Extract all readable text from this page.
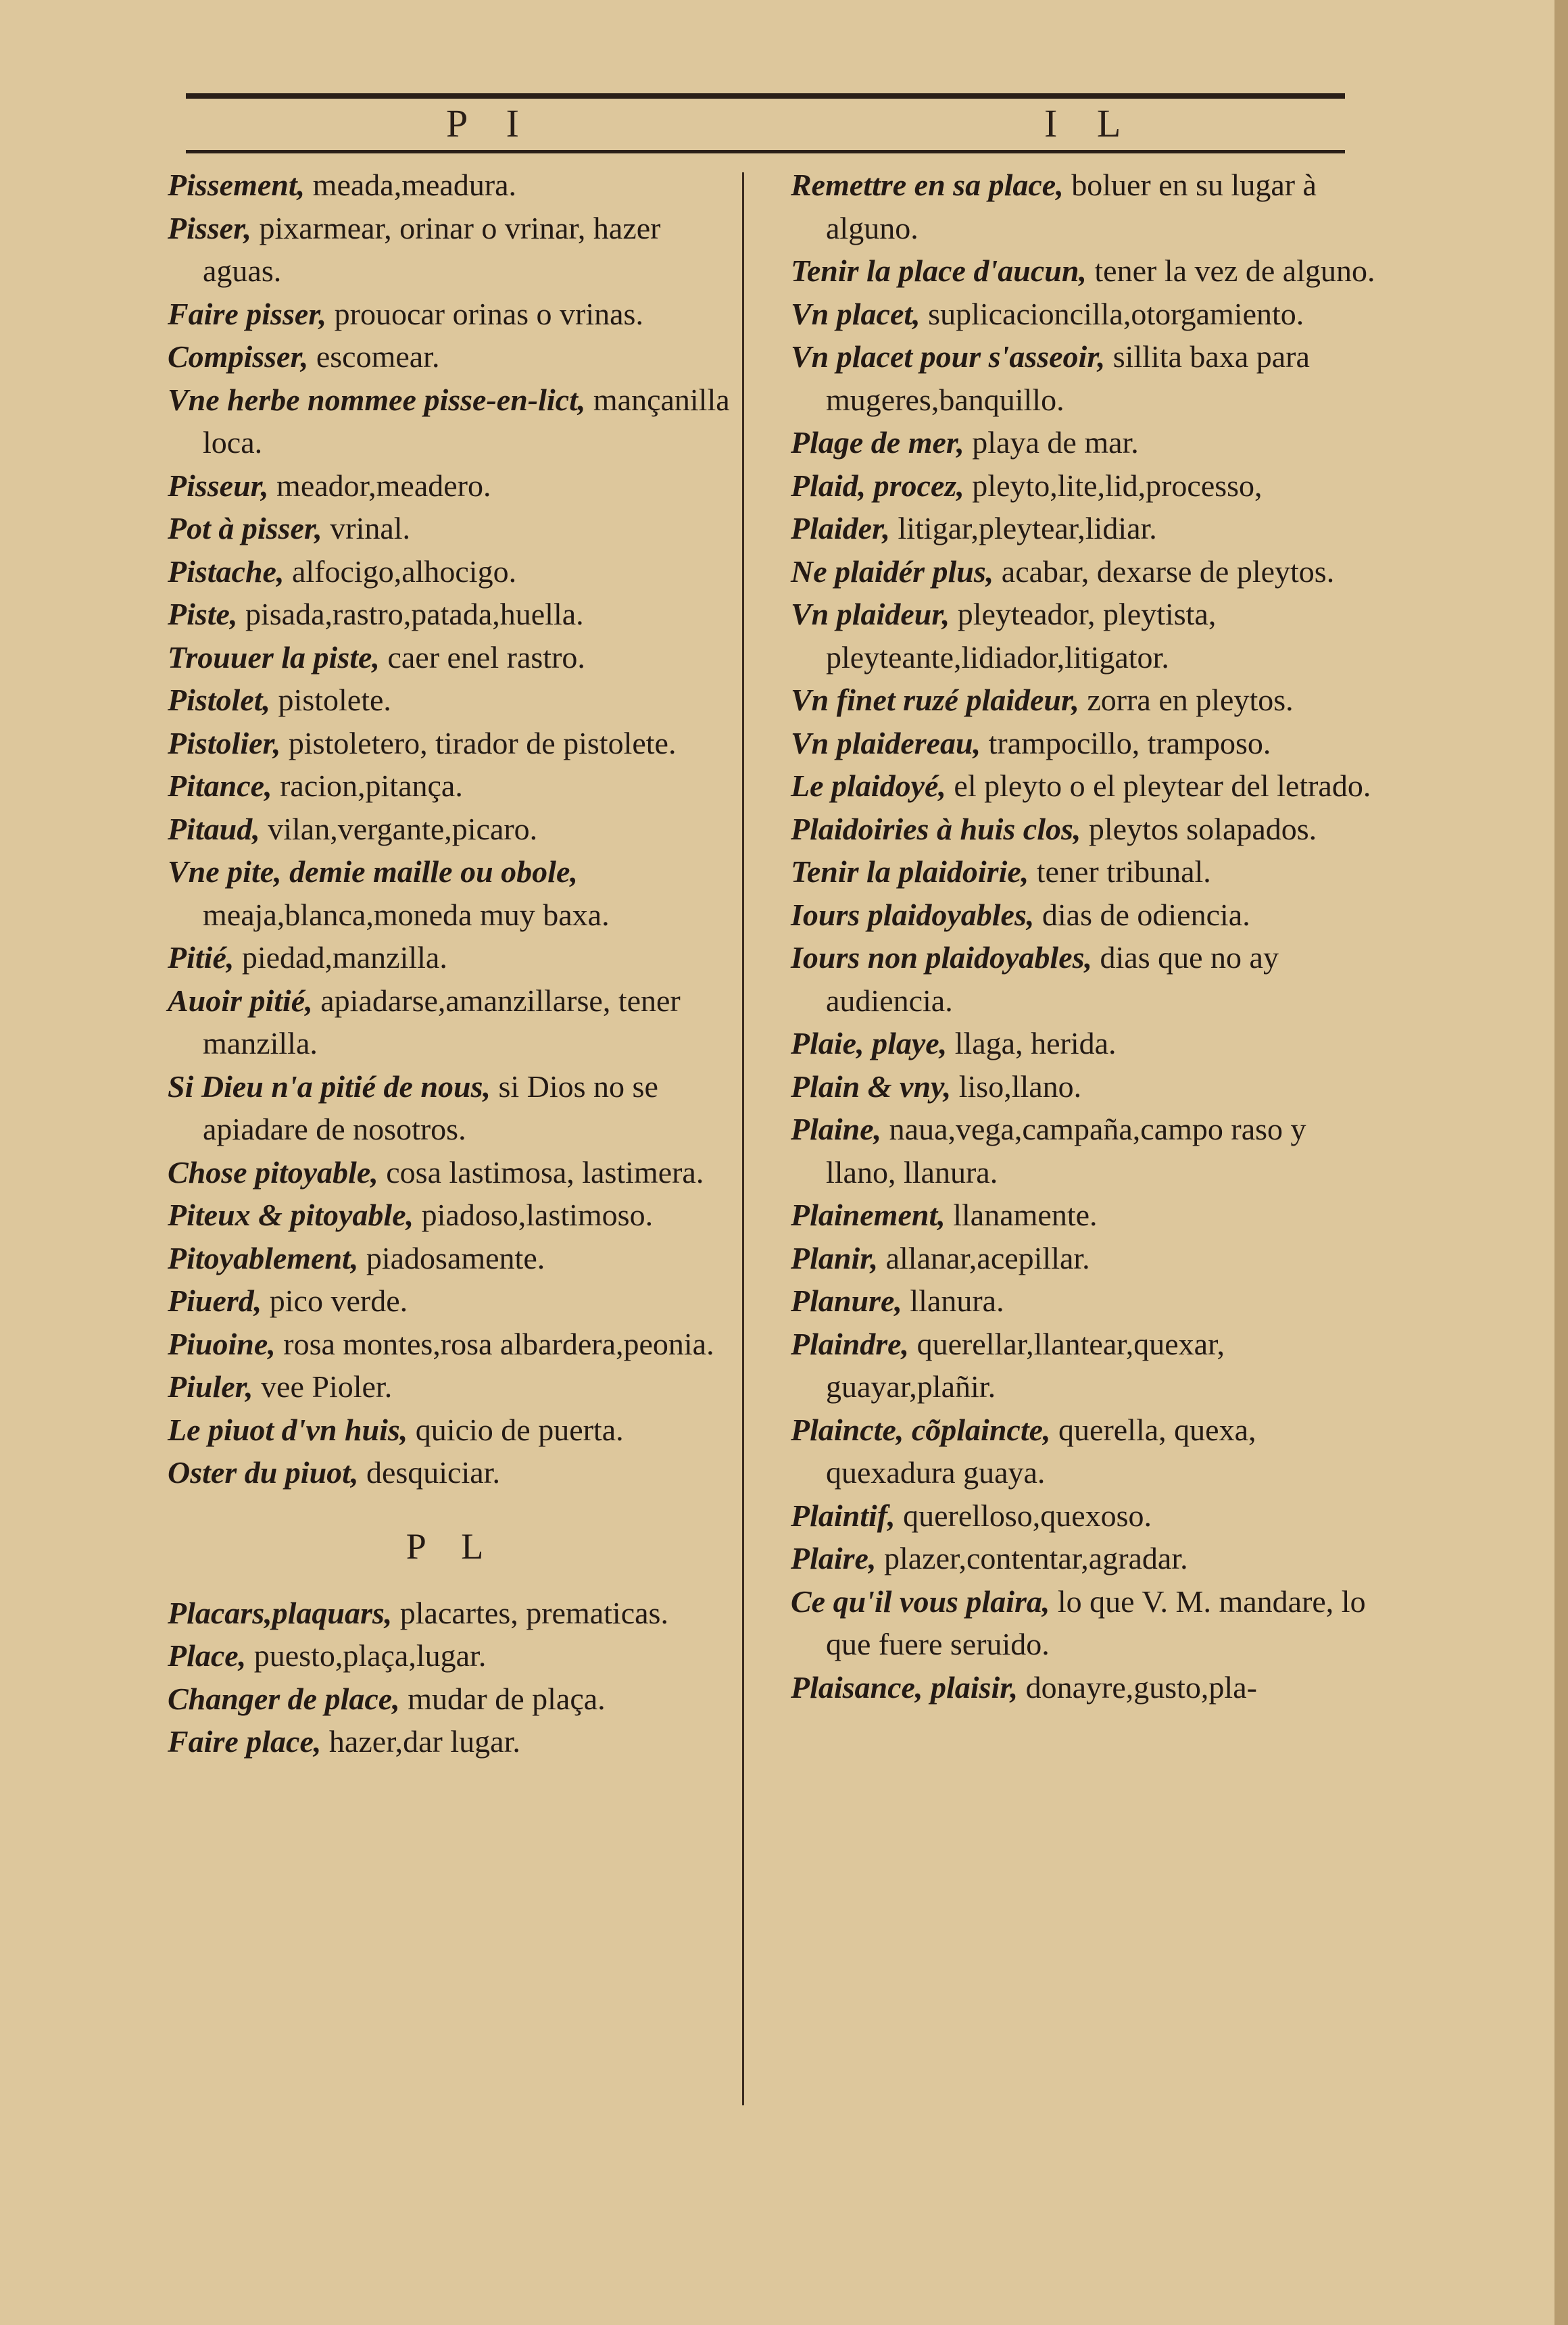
P I	I L

Pissement, meada,meadura.

Pisser, pixarmear, orinar o vrinar, hazer aguas.

Faire pisser, prouocar orinas o vrinas.

Compisser, escomear.

Vne herbe nommee pisse-en-lict, mançanilla loca.

Pisseur, meador,meadero.

Pot à pisser, vrinal.

Pistache, alfocigo,alhocigo.

Piste, pisada,rastro,patada,huella.

Trouuer la piste, caer enel rastro.

Pistolet, pistolete.

Pistolier, pistoletero, tirador de pistolete.

Pitance, racion,pitança.

Pitaud, vilan,vergante,picaro.

Vne pite, demie maille ou obole, meaja,blanca,moneda muy baxa.

Pitié, piedad,manzilla.

Auoir pitié, apiadarse,amanzillarse, tener manzilla.

Si Dieu n'a pitié de nous, si Dios no se apiadare de nosotros.

Chose pitoyable, cosa lastimosa, lastimera.

Piteux & pitoyable, piadoso,lastimoso.

Pitoyablement, piadosamente.

Piuerd, pico verde.

Piuoine, rosa montes,rosa albardera,peonia.

Piuler, vee Pioler.

Le piuot d'vn huis, quicio de puerta.

Oster du piuot, desquiciar.

P L

Placars,plaquars, placartes, prematicas.

Place, puesto,plaça,lugar.

Changer de place, mudar de plaça.

Faire place, hazer,dar lugar.

Remettre en sa place, boluer en su lugar à alguno.

Tenir la place d'aucun, tener la vez de alguno.

Vn placet, suplicacioncilla,otorgamiento.

Vn placet pour s'asseoir, sillita baxa para mugeres,banquillo.

Plage de mer, playa de mar.

Plaid, procez, pleyto,lite,lid,processo,

Plaider, litigar,pleytear,lidiar.

Ne plaidér plus, acabar, dexarse de pleytos.

Vn plaideur, pleyteador, pleytista, pleyteante,lidiador,litigator.

Vn finet ruzé plaideur, zorra en pleytos.

Vn plaidereau, trampocillo, tramposo.

Le plaidoyé, el pleyto o el pleytear del letrado.

Plaidoiries à huis clos, pleytos solapados.

Tenir la plaidoirie, tener tribunal.

Iours plaidoyables, dias de odiencia.

Iours non plaidoyables, dias que no ay audiencia.

Plaie, playe, llaga, herida.

Plain & vny, liso,llano.

Plaine, naua,vega,campaña,campo raso y llano, llanura.

Plainement, llanamente.

Planir, allanar,acepillar.

Planure, llanura.

Plaindre, querellar,llantear,quexar, guayar,plañir.

Plaincte, cõplaincte, querella, quexa, quexadura guaya.

Plaintif, querelloso,quexoso.

Plaire, plazer,contentar,agradar.

Ce qu'il vous plaira, lo que V. M. mandare, lo que fuere seruido.

Plaisance, plaisir, donayre,gusto,pla-
